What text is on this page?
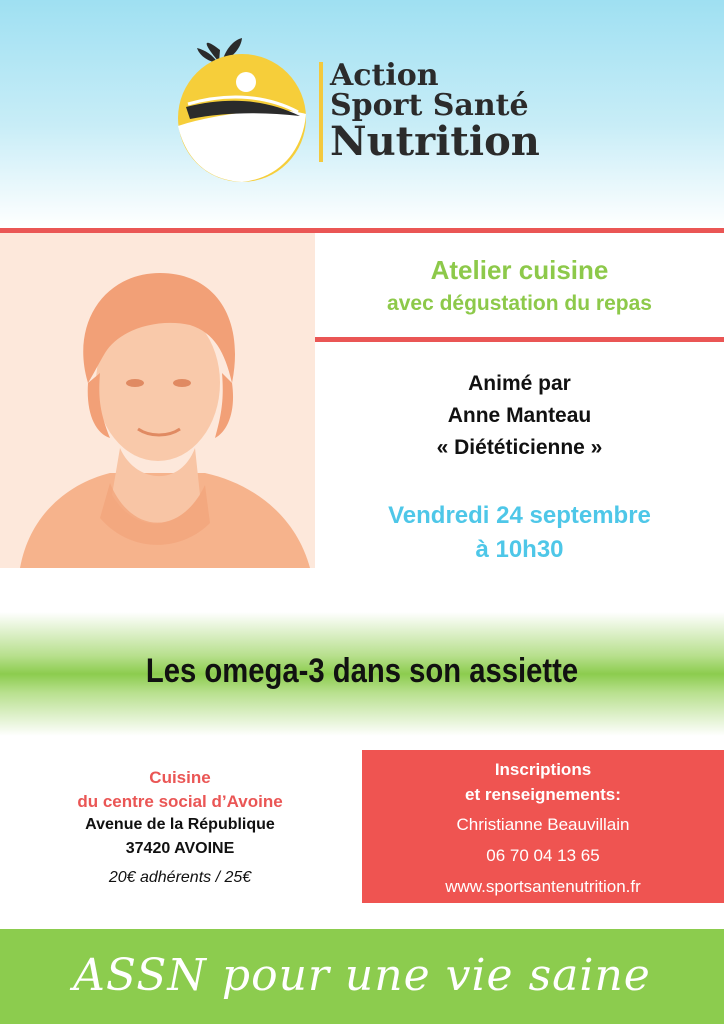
Action
Sport Santé
Nutrition
Atelier cuisine
avec dégustation du repas
Animé par
Anne Manteau
« Diététicienne »
Vendredi 24 septembre
à 10h30
Les omega-3 dans son assiette
Cuisine
du centre social d’Avoine
Avenue de la République
37420 AVOINE
20€ adhérents / 25€
Inscriptions
et renseignements:
Christianne Beauvillain
06 70 04 13 65
www.sportsantenutrition.fr
ASSN pour une vie saine
